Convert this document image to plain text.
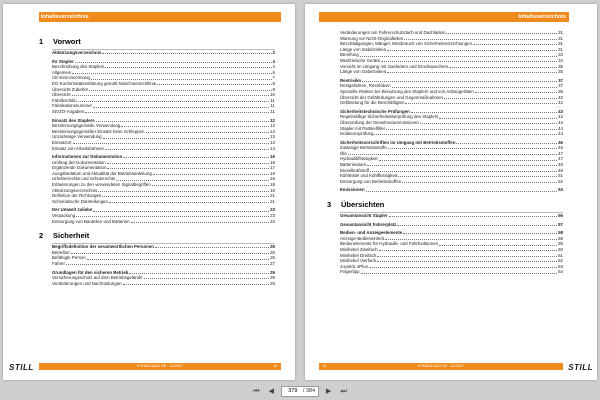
Inhaltsverzeichnis
1	Vorwort
Abkürzungsverzeichnis	2
Ihr Stapler	4
Beschreibung des Staplers	4
Allgemein	6
CE-Kennzeichnung	7
EG-Konformitätserklärung gemäß Maschinenrichtlinie	8
Übersicht Zubehör	9
Übersicht	10
Fabrikschild	11
Fabrikationsnummer	11
StVZO-Angaben	11
Einsatz des Staplers	12
Bestimmungsgemäße Verwendung	12
Bestimmungsgemäßer Einsatz beim Schleppen	13
Unzulässige Verwendung	13
Einsatzort	13
Einsatz von Arbeitsbühnen	14
Informationen zur Dokumentation	16
Umfang der Dokumentation	16
Ergänzende Dokumentation	17
Ausgabedatum und Aktualität der Betriebsanleitung	18
Urheberrechte und Schutzrechte	18
Erläuterungen zu den verwendeten Signalbegriffen	18
Abkürzungsverzeichnis	19
Definition der Richtungen	21
Schematische Darstellungen	21
Der Umwelt zuliebe	23
Verpackung	23
Entsorgung von Bauteilen und Batterien	23
2	Sicherheit
Begriffsdefinition der verantwortlichen Personen	26
Betreiber	26
Befähigte Person	26
Fahrer	27
Grundlagen für den sicheren Betrieb	29
Versicherungsschutz auf dem Betriebsgelände	29
Veränderungen und Nachrüstungen	29
STILL	57348011824 DE - 11/2017	III
Inhaltsverzeichnis
Veränderungen am Fahrerschutzdach und Dachlasten	31
Warnung vor Nicht-Originalteilen	31
Beschädigungen, Mängel, Missbrauch von Sicherheitseinrichtungen	31
Länge von Gabelzinken	31
Bereifung	33
Medizinische Geräte	34
Vorsicht im Umgang mit Gasfedern und Druckspeichern	35
Länge von Gabelzinken	35
Restrisiko	37
Restgefahren, Restrisiken	37
Spezielle Risiken bei Benutzung des Staplers und von Anbaugeräten	38
Übersicht der Gefährdungen und Gegenmaßnahmen	40
Gefährdung für die Beschäftigten	42
Sicherheitstechnische Prüfungen	43
Regelmäßige Sicherheitsüberprüfung des Staplers	43
Überprüfung der Dieselmotoremissionen	43
Stapler mit Partikelfilter	44
Isolationsprüfung	44
Sicherheitsvorschriften im Umgang mit Betriebsstoffen	46
Zulässige Betriebsstoffe	46
Öle	47
Hydraulikflüssigkeit	47
Batteriesäure	48
Dieselkraftstoff	48
Kühlmittel und Kühlflüssigkeit	51
Entsorgung von Betriebsstoffen	52
Emissionen	53
3	Übersichten
Gesamtansicht Stapler	56
Gesamtansicht Fahrerplatz	57
Bedien- und Anzeigeelemente	58
Anzeige-Bedieneinheit	58
Bedienelemente für Hydraulik- und Fahrfunktionen	59
Minihebel Zweifach	60
Minihebel Dreifach	61
Minihebel Vierfach	62
Joystick 4Plus	63
Fingertipp	64
STILL
IV	57348011824 DE - 11/2017
⏮	◀
379	/ 384	▶	⏭
